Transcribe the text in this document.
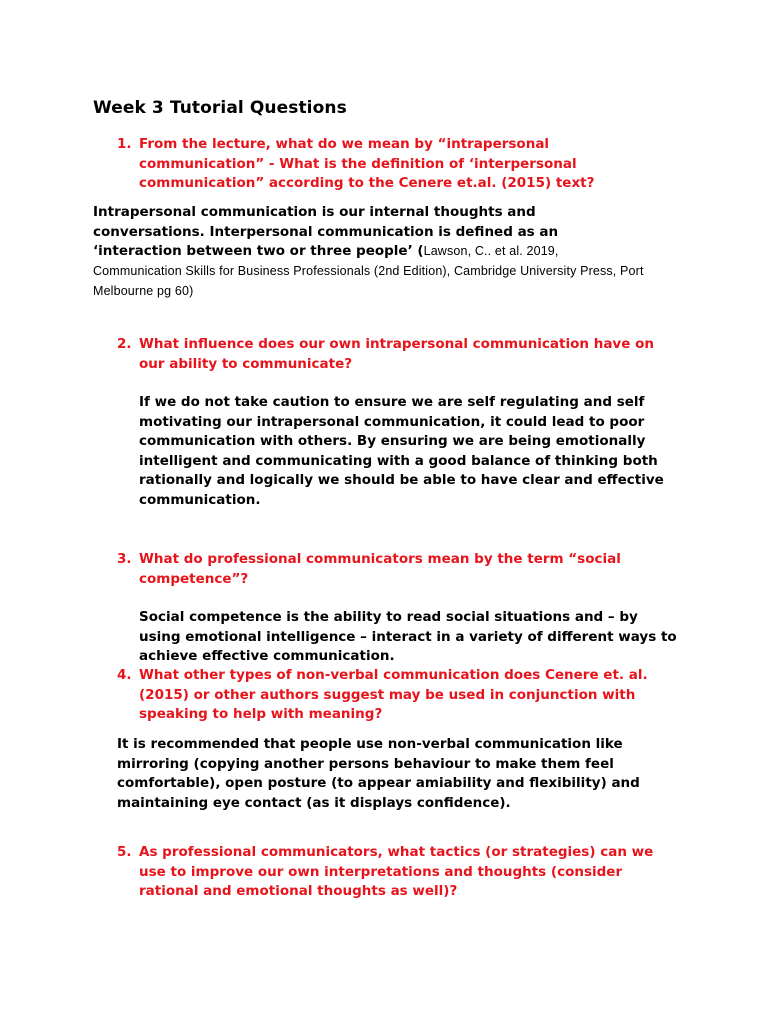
Week 3 Tutorial Questions
1. From the lecture, what do we mean by “intrapersonal communication” - What is the definition of ‘interpersonal communication” according to the Cenere et.al. (2015) text?
Intrapersonal communication is our internal thoughts and conversations. Interpersonal communication is defined as an ‘interaction between two or three people’ (Lawson, C.. et al. 2019,
Communication Skills for Business Professionals (2nd Edition), Cambridge University Press, Port Melbourne pg 60)
2. What influence does our own intrapersonal communication have on our ability to communicate?
If we do not take caution to ensure we are self regulating and self motivating our intrapersonal communication, it could lead to poor communication with others. By ensuring we are being emotionally intelligent and communicating with a good balance of thinking both rationally and logically we should be able to have clear and effective communication.
3. What do professional communicators mean by the term “social competence”?
Social competence is the ability to read social situations and – by using emotional intelligence – interact in a variety of different ways to achieve effective communication.
4. What other types of non-verbal communication does Cenere et. al. (2015) or other authors suggest may be used in conjunction with speaking to help with meaning?
It is recommended that people use non-verbal communication like mirroring (copying another persons behaviour to make them feel comfortable), open posture (to appear amiability and flexibility) and maintaining eye contact (as it displays confidence).
5. As professional communicators, what tactics (or strategies) can we use to improve our own interpretations and thoughts (consider rational and emotional thoughts as well)?
